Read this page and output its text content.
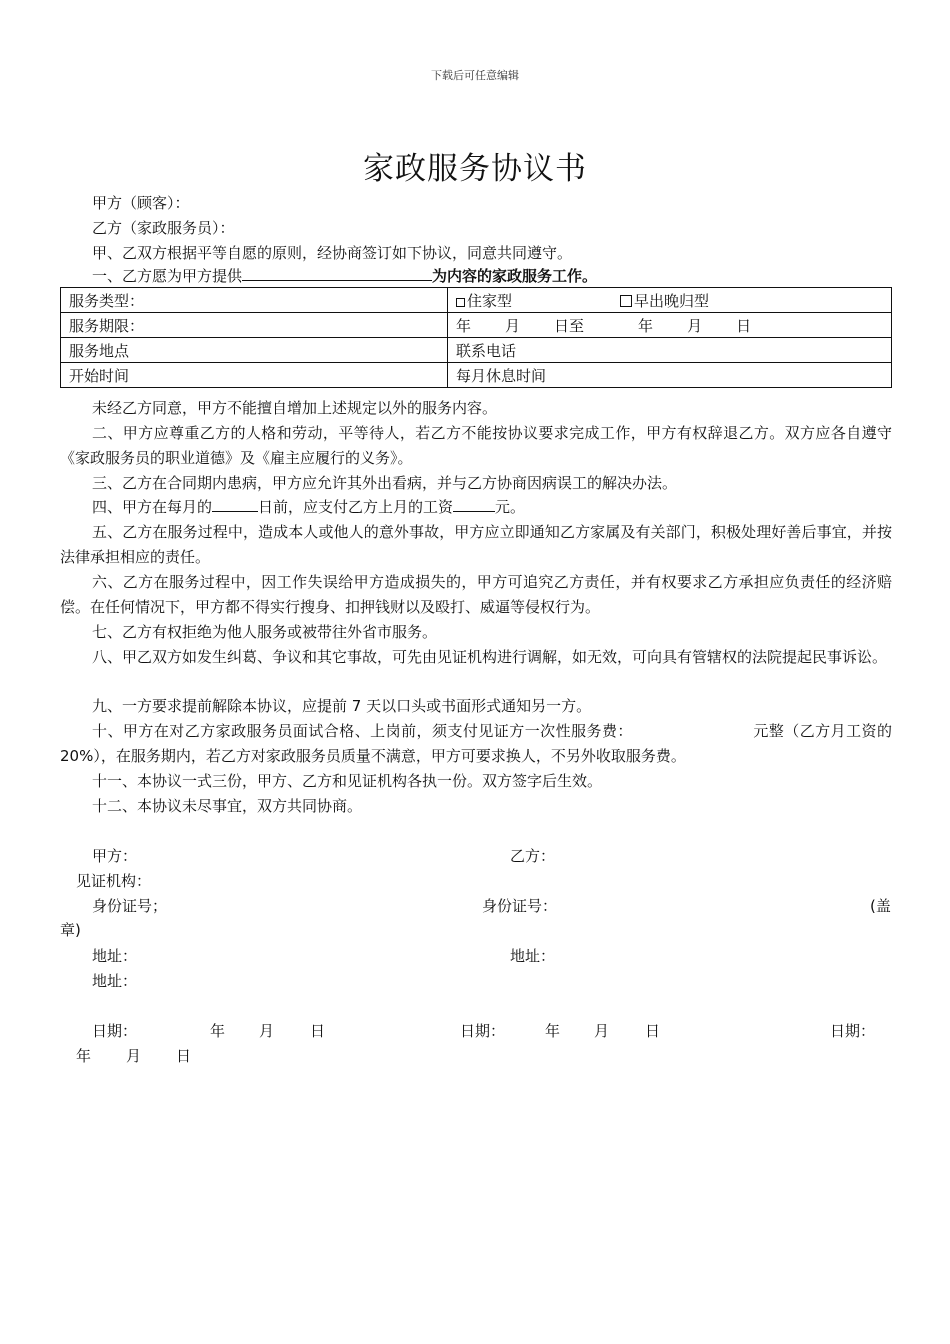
下载后可任意编辑
家政服务协议书
甲方（顾客）：
乙方（家政服务员）：
甲、乙双方根据平等自愿的原则，经协商签订如下协议，同意共同遵守。
一、乙方愿为甲方提供	为内容的家政服务工作。
服务类型：	住家型 早出晚归型
服务期限：	年 月 日至 年 月 日
服务地点	联系电话
开始时间	每月休息时间
未经乙方同意，甲方不能擅自增加上述规定以外的服务内容。
二、甲方应尊重乙方的人格和劳动，平等待人，若乙方不能按协议要求完成工作，甲方有权辞退乙方。双方应各自遵守《家政服务员的职业道德》及《雇主应履行的义务》。
三、乙方在合同期内患病，甲方应允许其外出看病，并与乙方协商因病误工的解决办法。
四、甲方在每月的	日前，应支付乙方上月的工资	元。
五、乙方在服务过程中，造成本人或他人的意外事故，甲方应立即通知乙方家属及有关部门，积极处理好善后事宜，并按法律承担相应的责任。
六、乙方在服务过程中，因工作失误给甲方造成损失的，甲方可追究乙方责任，并有权要求乙方承担应负责任的经济赔偿。在任何情况下，甲方都不得实行搜身、扣押钱财以及殴打、威逼等侵权行为。
七、乙方有权拒绝为他人服务或被带往外省市服务。
八、甲乙双方如发生纠葛、争议和其它事故，可先由见证机构进行调解，如无效，可向具有管辖权的法院提起民事诉讼。
九、一方要求提前解除本协议，应提前 7 天以口头或书面形式通知另一方。
十、甲方在对乙方家政服务员面试合格、上岗前，须支付见证方一次性服务费：	元整（乙方月工资的 20%），在服务期内，若乙方对家政服务员质量不满意，甲方可要求换人，不另外收取服务费。
十一、本协议一式三份，甲方、乙方和见证机构各执一份。双方签字后生效。
十二、本协议未尽事宜，双方共同协商。
甲方：	乙方：
见证机构：
身份证号；	身份证号：	(盖
章)
地址：	地址：
地址：
日期：	年 月 日	日期：	年 月 日	日期：
年 月 日
